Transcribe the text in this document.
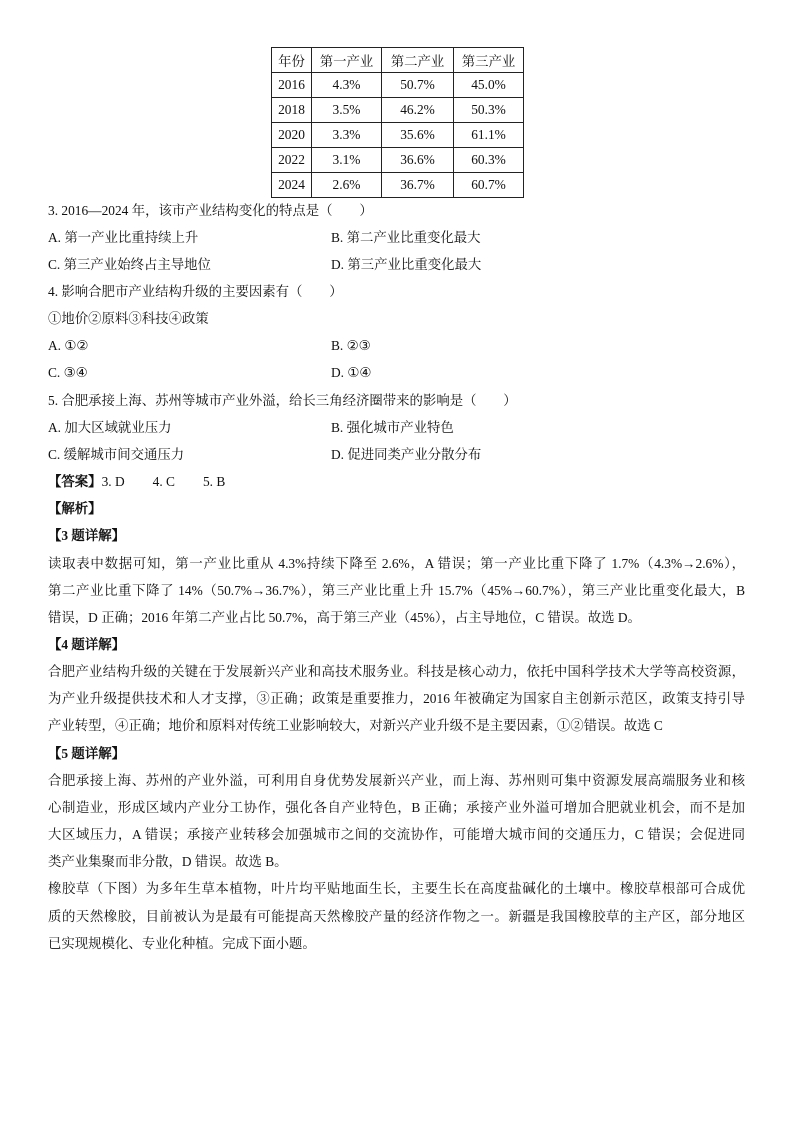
年份	第一产业	第二产业	第三产业
2016	4.3%	50.7%	45.0%
2018	3.5%	46.2%	50.3%
2020	3.3%	35.6%	61.1%
2022	3.1%	36.6%	60.3%
2024	2.6%	36.7%	60.7%
3. 2016—2024 年，该市产业结构变化的特点是（　　）
A. 第一产业比重持续上升	B. 第二产业比重变化最大
C. 第三产业始终占主导地位	D. 第三产业比重变化最大
4. 影响合肥市产业结构升级的主要因素有（　　）
①地价②原料③科技④政策
A. ①②	B. ②③
C. ③④	D. ①④
5. 合肥承接上海、苏州等城市产业外溢，给长三角经济圈带来的影响是（　　）
A. 加大区域就业压力	B. 强化城市产业特色
C. 缓解城市间交通压力	D. 促进同类产业分散分布
【答案】3. D 4. C 5. B
【解析】
【3 题详解】
读取表中数据可知，第一产业比重从 4.3%持续下降至 2.6%，A 错误；第一产业比重下降了 1.7%（4.3%→2.6%），
第二产业比重下降了 14%（50.7%→36.7%），第三产业比重上升 15.7%（45%→60.7%），第三产业比重变化最大，B
错误，D 正确；2016 年第二产业占比 50.7%，高于第三产业（45%），占主导地位，C 错误。故选 D。
【4 题详解】
合肥产业结构升级的关键在于发展新兴产业和高技术服务业。科技是核心动力，依托中国科学技术大学等高校资源，
为产业升级提供技术和人才支撑，③正确；政策是重要推力，2016 年被确定为国家自主创新示范区，政策支持引导
产业转型，④正确；地价和原料对传统工业影响较大，对新兴产业升级不是主要因素，①②错误。故选 C
【5 题详解】
合肥承接上海、苏州的产业外溢，可利用自身优势发展新兴产业，而上海、苏州则可集中资源发展高端服务业和核
心制造业，形成区域内产业分工协作，强化各自产业特色，B 正确；承接产业外溢可增加合肥就业机会，而不是加
大区域压力，A 错误；承接产业转移会加强城市之间的交流协作，可能增大城市间的交通压力，C 错误；会促进同
类产业集聚而非分散，D 错误。故选 B。
橡胶草（下图）为多年生草本植物，叶片均平贴地面生长，主要生长在高度盐碱化的土壤中。橡胶草根部可合成优
质的天然橡胶，目前被认为是最有可能提高天然橡胶产量的经济作物之一。新疆是我国橡胶草的主产区，部分地区
已实现规模化、专业化种植。完成下面小题。
